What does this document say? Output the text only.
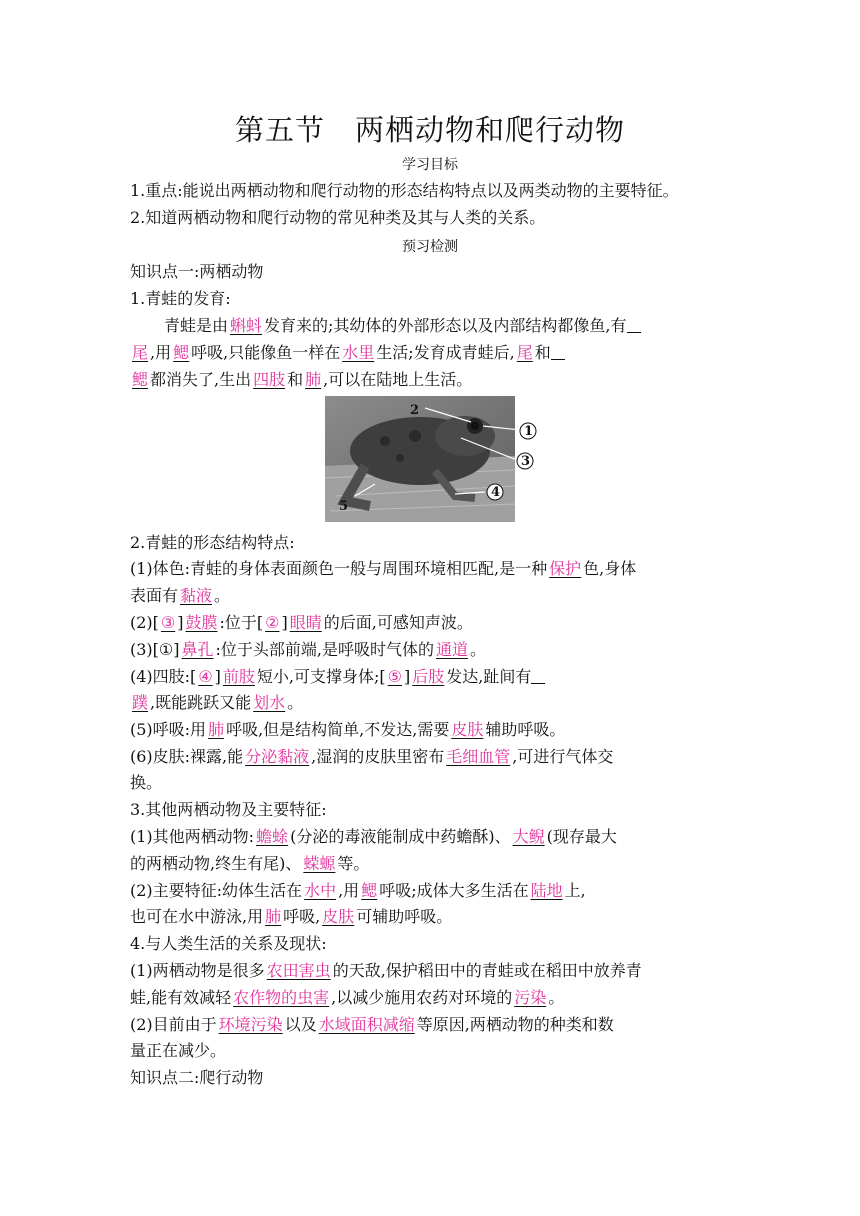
第五节　两栖动物和爬行动物
学习目标
1.重点:能说出两栖动物和爬行动物的形态结构特点以及两类动物的主要特征。
2.知道两栖动物和爬行动物的常见种类及其与人类的关系。
预习检测
知识点一:两栖动物
1.青蛙的发育:
青蛙是由 蝌蚪 发育来的;其幼体的外部形态以及内部结构都像鱼,有
尾 ,用 鳃 呼吸,只能像鱼一样在 水里 生活;发育成青蛙后, 尾 和
鳃 都消失了,生出 四肢 和 肺 ,可以在陆地上生活。
1
2
3
4
5
2.青蛙的形态结构特点:
(1)体色:青蛙的身体表面颜色一般与周围环境相匹配,是一种 保护 色,身体
表面有 黏液 。
(2)[ ③ ] 鼓膜 :位于[ ② ] 眼睛 的后面,可感知声波。
(3)[①] 鼻孔 :位于头部前端,是呼吸时气体的 通道 。
(4)四肢:[ ④ ] 前肢 短小,可支撑身体;[ ⑤ ] 后肢 发达,趾间有
蹼 ,既能跳跃又能 划水 。
(5)呼吸:用 肺 呼吸,但是结构简单,不发达,需要 皮肤 辅助呼吸。
(6)皮肤:裸露,能 分泌黏液 ,湿润的皮肤里密布 毛细血管 ,可进行气体交
换。
3.其他两栖动物及主要特征:
(1)其他两栖动物: 蟾蜍 (分泌的毒液能制成中药蟾酥)、 大鲵 (现存最大
的两栖动物,终生有尾)、 蝾螈 等。
(2)主要特征:幼体生活在 水中 ,用 鳃 呼吸;成体大多生活在 陆地 上,
也可在水中游泳,用 肺 呼吸, 皮肤 可辅助呼吸。
4.与人类生活的关系及现状:
(1)两栖动物是很多 农田害虫 的天敌,保护稻田中的青蛙或在稻田中放养青
蛙,能有效减轻 农作物的虫害 ,以减少施用农药对环境的 污染 。
(2)目前由于 环境污染 以及 水域面积减缩 等原因,两栖动物的种类和数
量正在减少。
知识点二:爬行动物
